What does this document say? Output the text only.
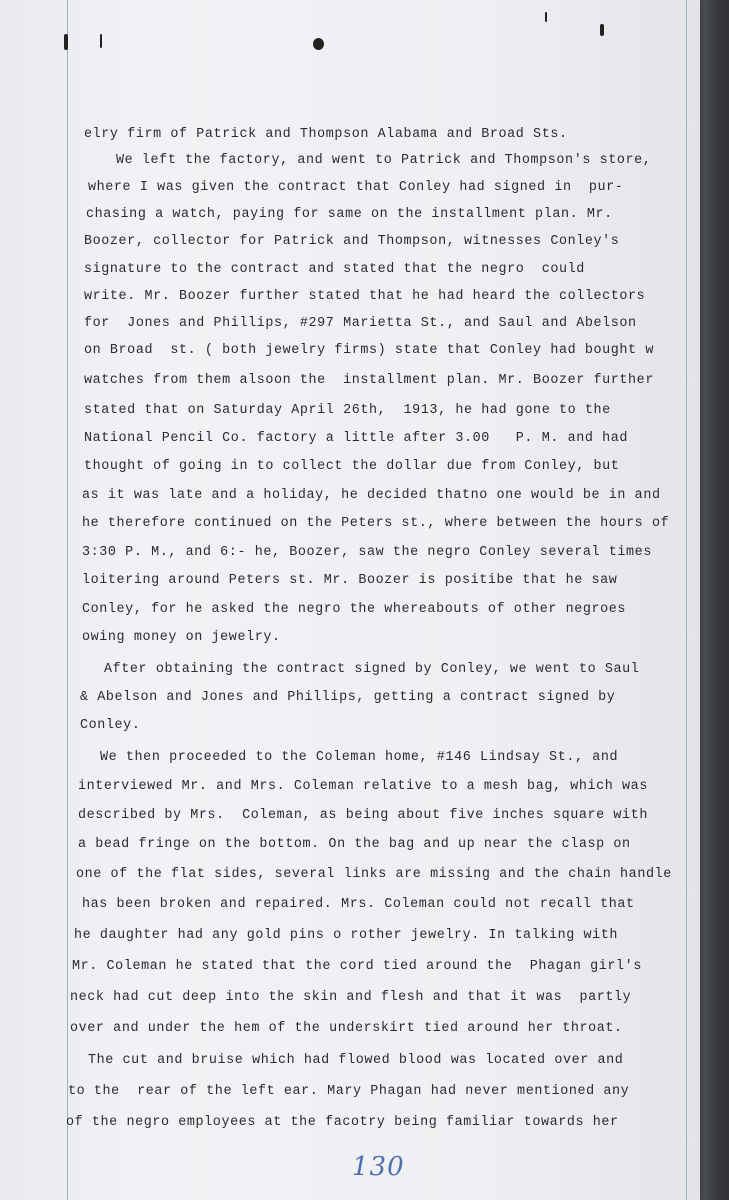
elry firm of Patrick and Thompson Alabama and Broad Sts.
We left the factory, and went to Patrick and Thompson's store,
where I was given the contract that Conley had signed in  pur-
chasing a watch, paying for same on the installment plan. Mr.
Boozer, collector for Patrick and Thompson, witnesses Conley's
signature to the contract and stated that the negro  could
write. Mr. Boozer further stated that he had heard the collectors
for  Jones and Phillips, #297 Marietta St., and Saul and Abelson
on Broad  st. ( both jewelry firms) state that Conley had bought w
watches from them alsoon the  installment plan. Mr. Boozer further
stated that on Saturday April 26th,  1913, he had gone to the
National Pencil Co. factory a little after 3.00   P. M. and had
thought of going in to collect the dollar due from Conley, but
as it was late and a holiday, he decided thatno one would be in and
he therefore continued on the Peters st., where between the hours of
3:30 P. M., and 6:- he, Boozer, saw the negro Conley several times
loitering around Peters st. Mr. Boozer is positibe that he saw
Conley, for he asked the negro the whereabouts of other negroes
owing money on jewelry.
After obtaining the contract signed by Conley, we went to Saul
& Abelson and Jones and Phillips, getting a contract signed by
Conley.
We then proceeded to the Coleman home, #146 Lindsay St., and
interviewed Mr. and Mrs. Coleman relative to a mesh bag, which was
described by Mrs.  Coleman, as being about five inches square with
a bead fringe on the bottom. On the bag and up near the clasp on
one of the flat sides, several links are missing and the chain handle
has been broken and repaired. Mrs. Coleman could not recall that
he daughter had any gold pins o rother jewelry. In talking with
Mr. Coleman he stated that the cord tied around the  Phagan girl's
neck had cut deep into the skin and flesh and that it was  partly
over and under the hem of the underskirt tied around her throat.
The cut and bruise which had flowed blood was located over and
to the  rear of the left ear. Mary Phagan had never mentioned any
of the negro employees at the facotry being familiar towards her
130
